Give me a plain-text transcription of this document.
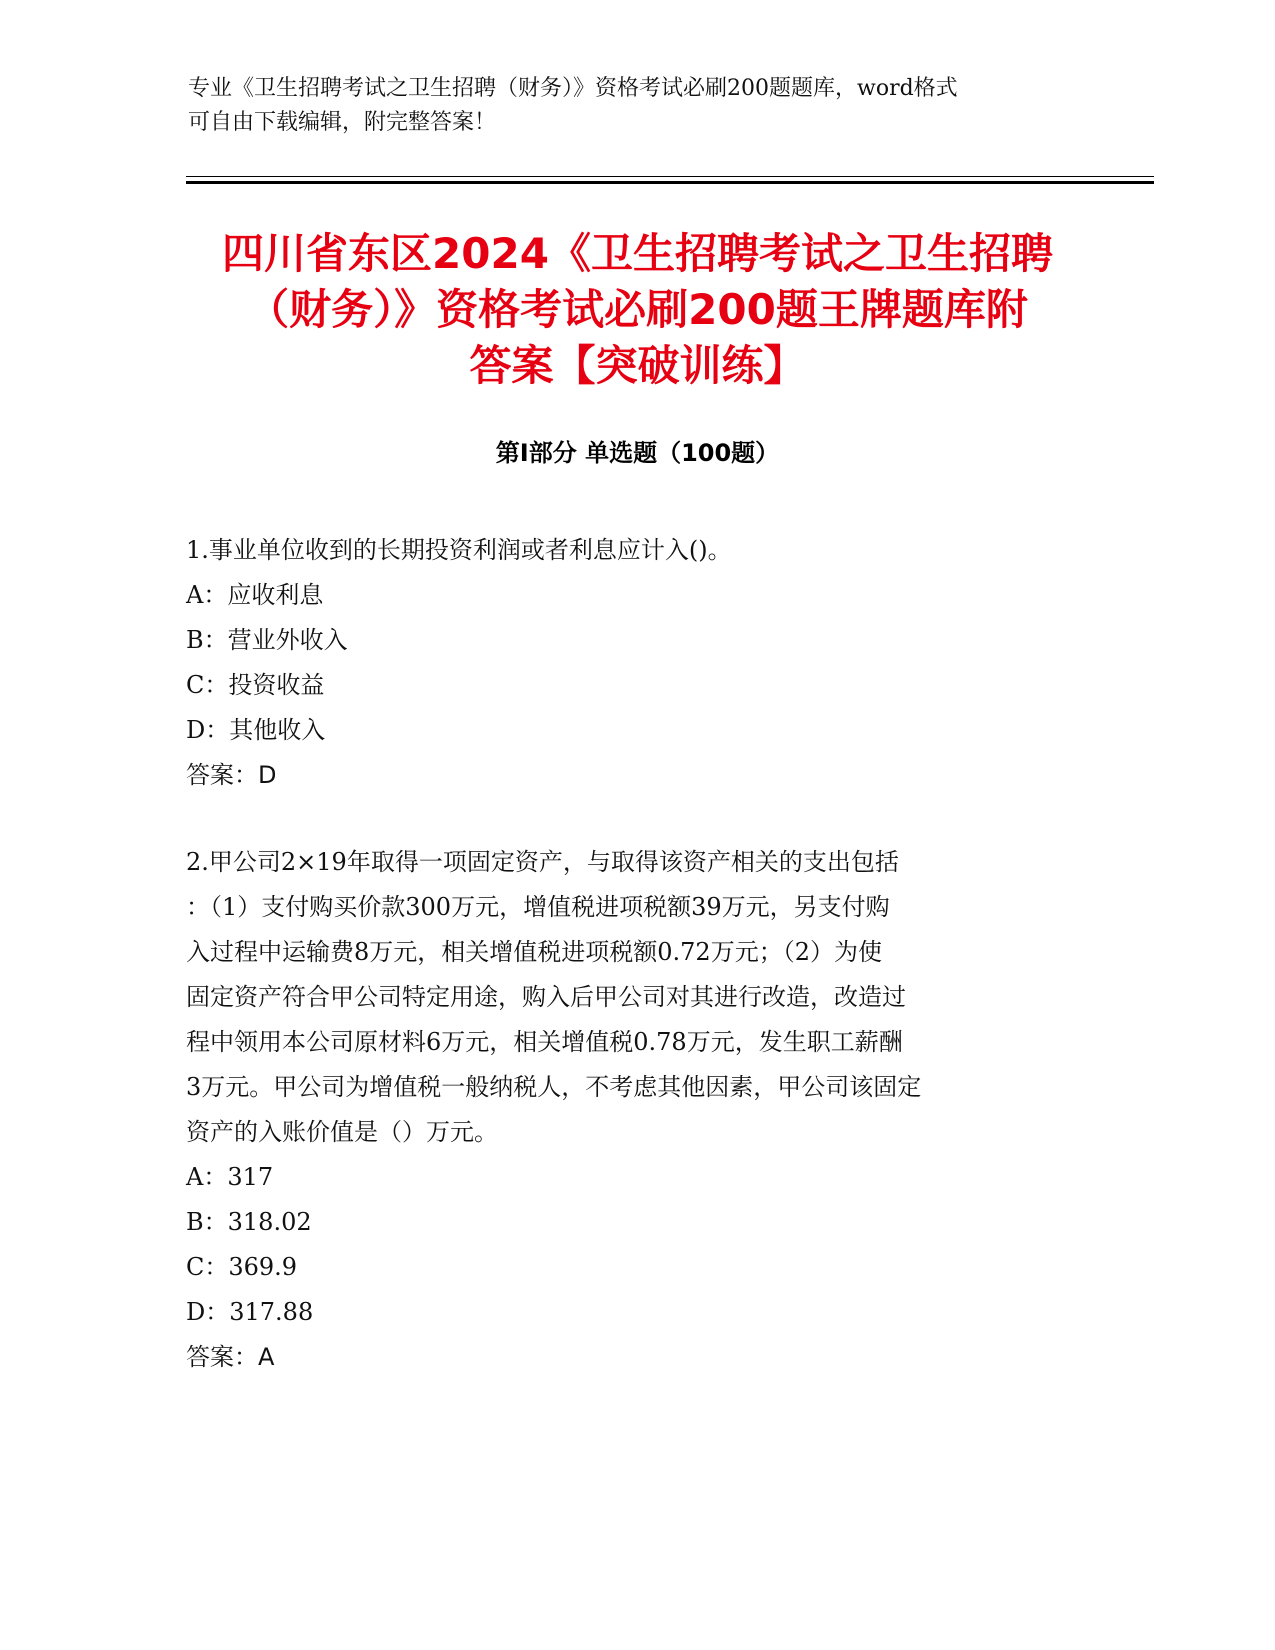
专业《卫生招聘考试之卫生招聘（财务）》资格考试必刷200题题库，word格式
可自由下载编辑，附完整答案！
四川省东区2024《卫生招聘考试之卫生招聘
（财务）》资格考试必刷200题王牌题库附
答案【突破训练】
第I部分 单选题（100题）
1.事业单位收到的长期投资利润或者利息应计入()。
A：应收利息
B：营业外收入
C：投资收益
D：其他收入
答案：D
2.甲公司2×19年取得一项固定资产，与取得该资产相关的支出包括
：（1）支付购买价款300万元，增值税进项税额39万元，另支付购
入过程中运输费8万元，相关增值税进项税额0.72万元；（2）为使
固定资产符合甲公司特定用途，购入后甲公司对其进行改造，改造过
程中领用本公司原材料6万元，相关增值税0.78万元，发生职工薪酬
3万元。甲公司为增值税一般纳税人，不考虑其他因素，甲公司该固定
资产的入账价值是（）万元。
A：317
B：318.02
C：369.9
D：317.88
答案：A
